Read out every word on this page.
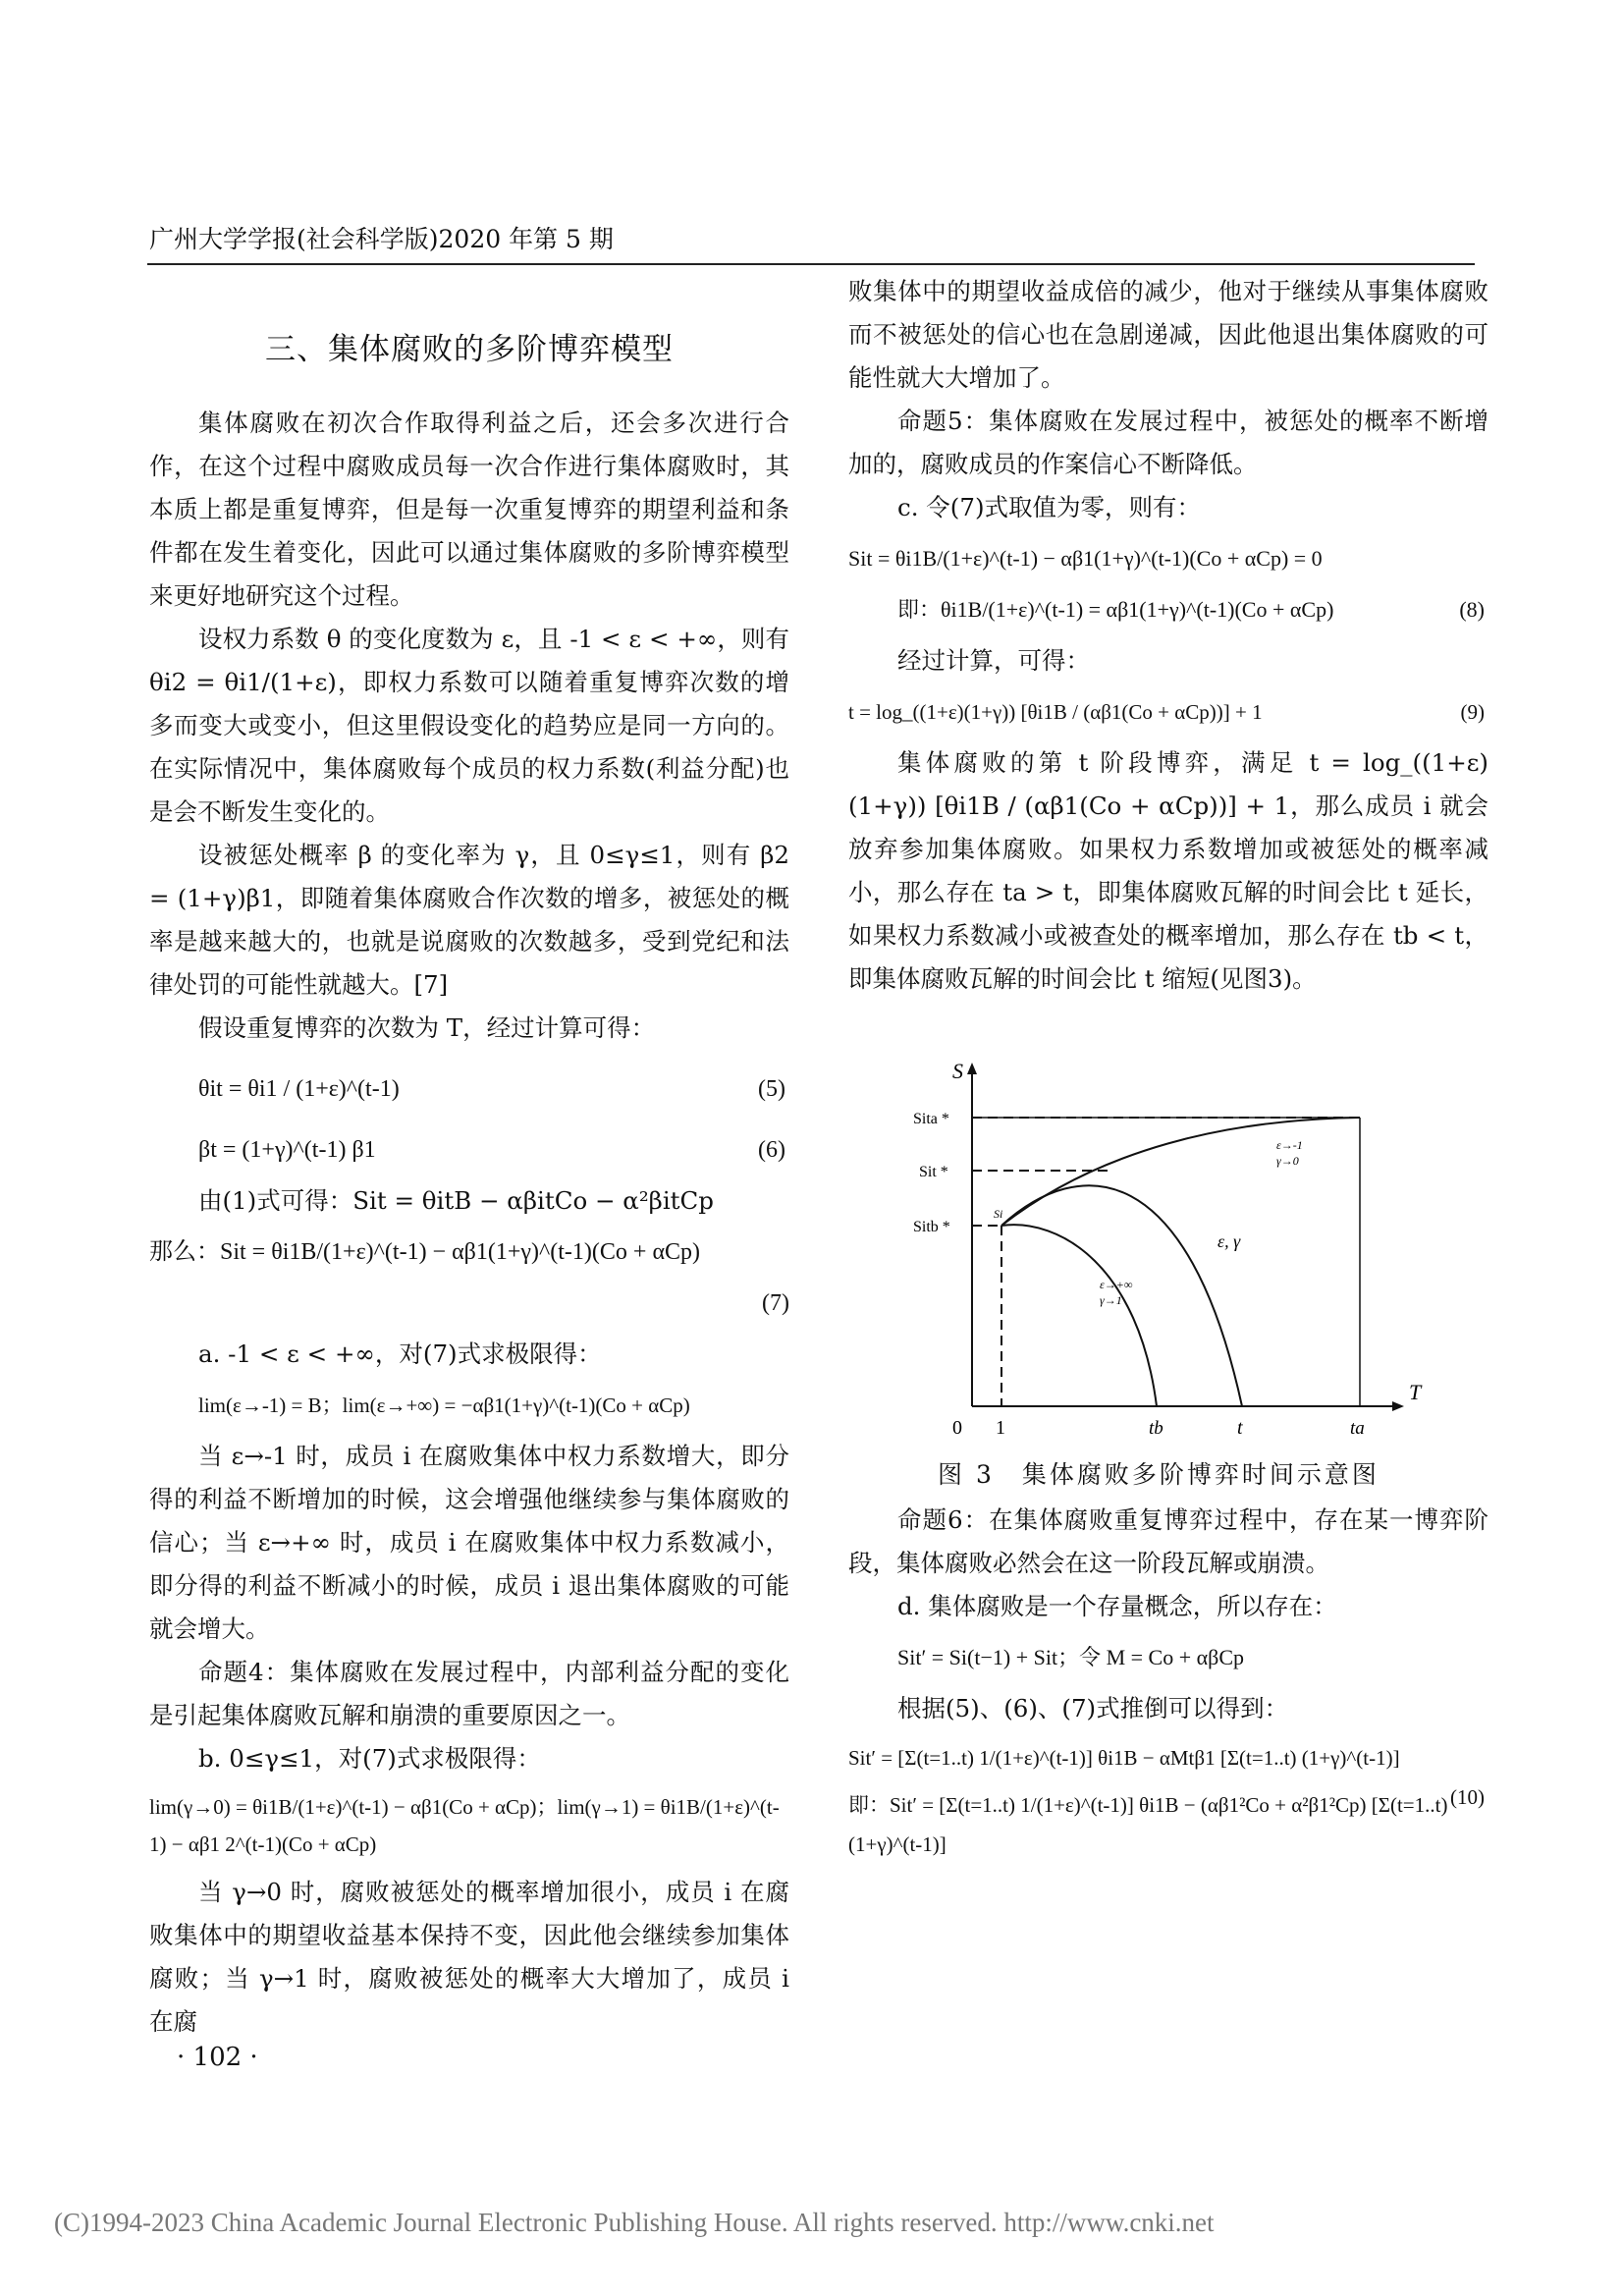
广州大学学报(社会科学版)2020 年第 5 期
三、集体腐败的多阶博弈模型

集体腐败在初次合作取得利益之后，还会多次进行合作，在这个过程中腐败成员每一次合作进行集体腐败时，其本质上都是重复博弈，但是每一次重复博弈的期望利益和条件都在发生着变化，因此可以通过集体腐败的多阶博弈模型来更好地研究这个过程。

设权力系数 θ 的变化度数为 ε，且 -1 < ε < +∞，则有 θi2 = θi1/(1+ε)，即权力系数可以随着重复博弈次数的增多而变大或变小，但这里假设变化的趋势应是同一方向的。在实际情况中，集体腐败每个成员的权力系数(利益分配)也是会不断发生变化的。

设被惩处概率 β 的变化率为 γ，且 0≤γ≤1，则有 β2 = (1+γ)β1，即随着集体腐败合作次数的增多，被惩处的概率是越来越大的，也就是说腐败的次数越多，受到党纪和法律处罚的可能性就越大。[7]

假设重复博弈的次数为 T，经过计算可得：

θit = θi1 / (1+ε)^(t-1)	(5)
βt = (1+γ)^(t-1) β1	(6)

由(1)式可得：Sit = θitB − αβitCo − α²βitCp

那么：Sit = θi1B/(1+ε)^(t-1) − αβ1(1+γ)^(t-1)(Co + αCp)
(7)

a. -1 < ε < +∞，对(7)式求极限得：

lim(ε→-1) = B；lim(ε→+∞) = −αβ1(1+γ)^(t-1)(Co + αCp)

当 ε→-1 时，成员 i 在腐败集体中权力系数增大，即分得的利益不断增加的时候，这会增强他继续参与集体腐败的信心；当 ε→+∞ 时，成员 i 在腐败集体中权力系数减小，即分得的利益不断减小的时候，成员 i 退出集体腐败的可能就会增大。

命题4：集体腐败在发展过程中，内部利益分配的变化是引起集体腐败瓦解和崩溃的重要原因之一。

b. 0≤γ≤1，对(7)式求极限得：

lim(γ→0) = θi1B/(1+ε)^(t-1) − αβ1(Co + αCp)；lim(γ→1) = θi1B/(1+ε)^(t-1) − αβ1 2^(t-1)(Co + αCp)

当 γ→0 时，腐败被惩处的概率增加很小，成员 i 在腐败集体中的期望收益基本保持不变，因此他会继续参加集体腐败；当 γ→1 时，腐败被惩处的概率大大增加了，成员 i 在腐

败集体中的期望收益成倍的减少，他对于继续从事集体腐败而不被惩处的信心也在急剧递减，因此他退出集体腐败的可能性就大大增加了。

命题5：集体腐败在发展过程中，被惩处的概率不断增加的，腐败成员的作案信心不断降低。

c. 令(7)式取值为零，则有：

Sit = θi1B/(1+ε)^(t-1) − αβ1(1+γ)^(t-1)(Co + αCp) = 0
即：θi1B/(1+ε)^(t-1) = αβ1(1+γ)^(t-1)(Co + αCp)	(8)

经过计算，可得：

t = log_((1+ε)(1+γ)) [θi1B / (αβ1(Co + αCp))] + 1	(9)

集体腐败的第 t 阶段博弈，满足 t = log_((1+ε)(1+γ)) [θi1B / (αβ1(Co + αCp))] + 1，那么成员 i 就会放弃参加集体腐败。如果权力系数增加或被惩处的概率减小，那么存在 ta > t，即集体腐败瓦解的时间会比 t 延长，如果权力系数减小或被查处的概率增加，那么存在 tb < t，即集体腐败瓦解的时间会比 t 缩短(见图3)。

S
T
0 1	tb	t	ta
Sita *
Sit *
Sitb *
Si
ε, γ
ε→-1
γ→0
ε→+∞
γ→1
图 3　集体腐败多阶博弈时间示意图

命题6：在集体腐败重复博弈过程中，存在某一博弈阶段，集体腐败必然会在这一阶段瓦解或崩溃。

d. 集体腐败是一个存量概念，所以存在：

Sit′ = Si(t−1) + Sit；令 M = Co + αβCp

根据(5)、(6)、(7)式推倒可以得到：

Sit′ = [Σ(t=1..t) 1/(1+ε)^(t-1)] θi1B − αMtβ1 [Σ(t=1..t) (1+γ)^(t-1)]
(10)
即：Sit′ = [Σ(t=1..t) 1/(1+ε)^(t-1)] θi1B − (αβ1²Co + α²β1²Cp) [Σ(t=1..t) (1+γ)^(t-1)]
· 102 ·
(C)1994-2023 China Academic Journal Electronic Publishing House. All rights reserved. http://www.cnki.net
